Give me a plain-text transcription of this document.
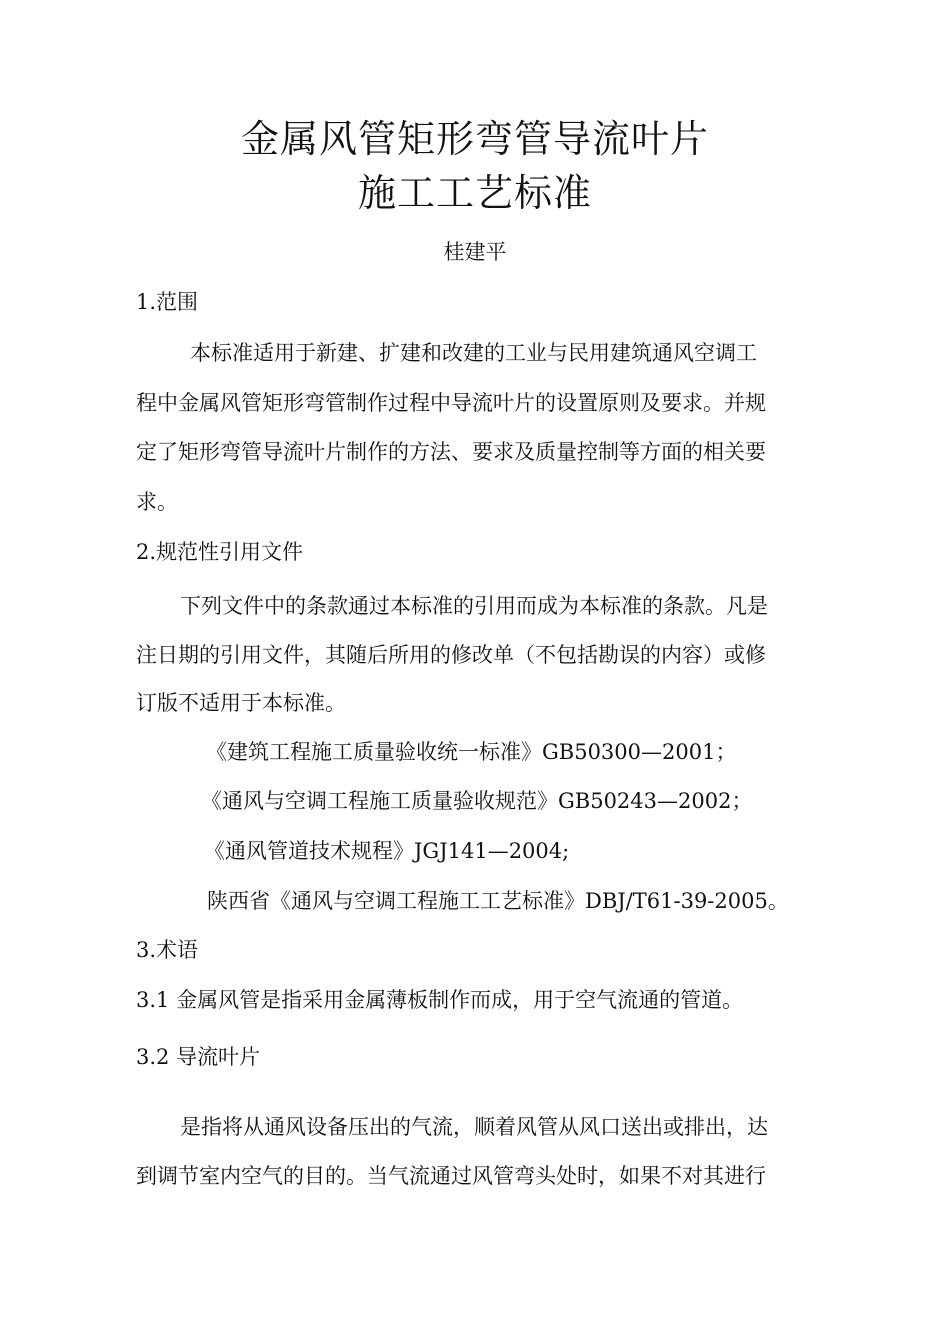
金属风管矩形弯管导流叶片
施工工艺标准
桂建平
1.范围
本标准适用于新建、扩建和改建的工业与民用建筑通风空调工
程中金属风管矩形弯管制作过程中导流叶片的设置原则及要求。并规
定了矩形弯管导流叶片制作的方法、要求及质量控制等方面的相关要
求。
2.规范性引用文件
下列文件中的条款通过本标准的引用而成为本标准的条款。凡是
注日期的引用文件，其随后所用的修改单（不包括勘误的内容）或修
订版不适用于本标准。
《建筑工程施工质量验收统一标准》GB50300—2001；
《通风与空调工程施工质量验收规范》GB50243—2002；
《通风管道技术规程》JGJ141—2004;
陕西省《通风与空调工程施工工艺标准》DBJ/T61-39-2005。
3.术语
3.1 金属风管是指采用金属薄板制作而成，用于空气流通的管道。
3.2 导流叶片
是指将从通风设备压出的气流，顺着风管从风口送出或排出，达
到调节室内空气的目的。当气流通过风管弯头处时，如果不对其进行
